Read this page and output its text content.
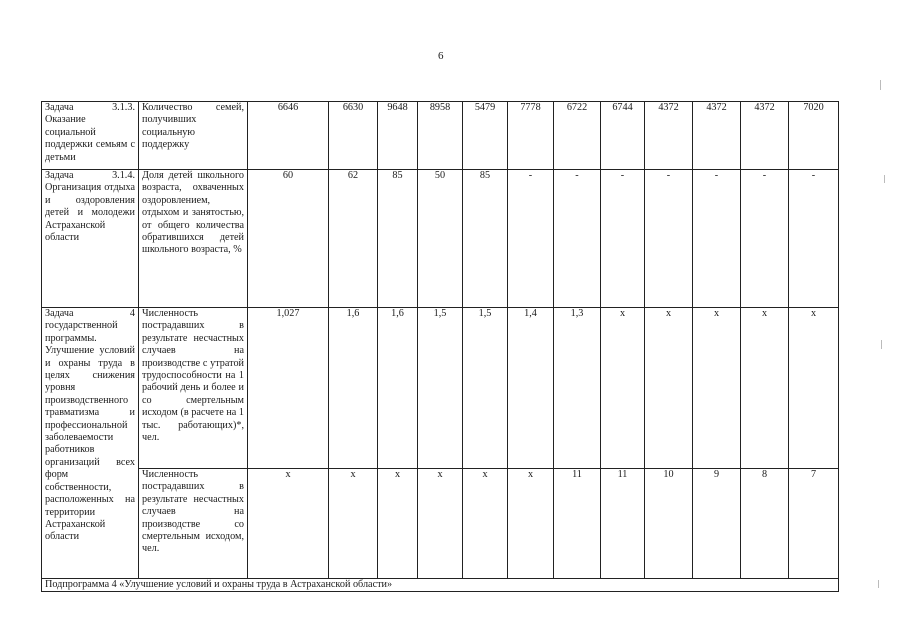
6
Задача 3.1.3. Оказание социальной поддержки семьям с детьми	Количество семей, получивших социальную поддержку	6646	6630	9648	8958	5479	7778	6722	6744	4372	4372	4372	7020
Задача 3.1.4. Организация отдыха и оздоровления детей и молодежи Астраханской области	Доля детей школьного возраста, охваченных оздоровлением, отдыхом и занятостью, от общего количества обратившихся детей школьного возраста, %	60	62	85	50	85	-	-	-	-	-	-	-
Задача 4 государственной программы. Улучшение условий и охраны труда в целях снижения уровня производственного травматизма и профессиональной заболеваемости работников организаций всех форм собственности, расположенных на территории Астраханской области	Численность пострадавших в результате несчастных случаев на производстве с утратой трудоспособности на 1 рабочий день и более и со смертельным исходом (в расчете на 1 тыс. работающих)*, чел.	1,027	1,6	1,6	1,5	1,5	1,4	1,3	x	x	x	x	x
	Численность пострадавших в результате несчастных случаев на производстве со смертельным исходом, чел.	x	x	x	x	x	x	11	11	10	9	8	7
Подпрограмма 4 «Улучшение условий и охраны труда в Астраханской области»													
